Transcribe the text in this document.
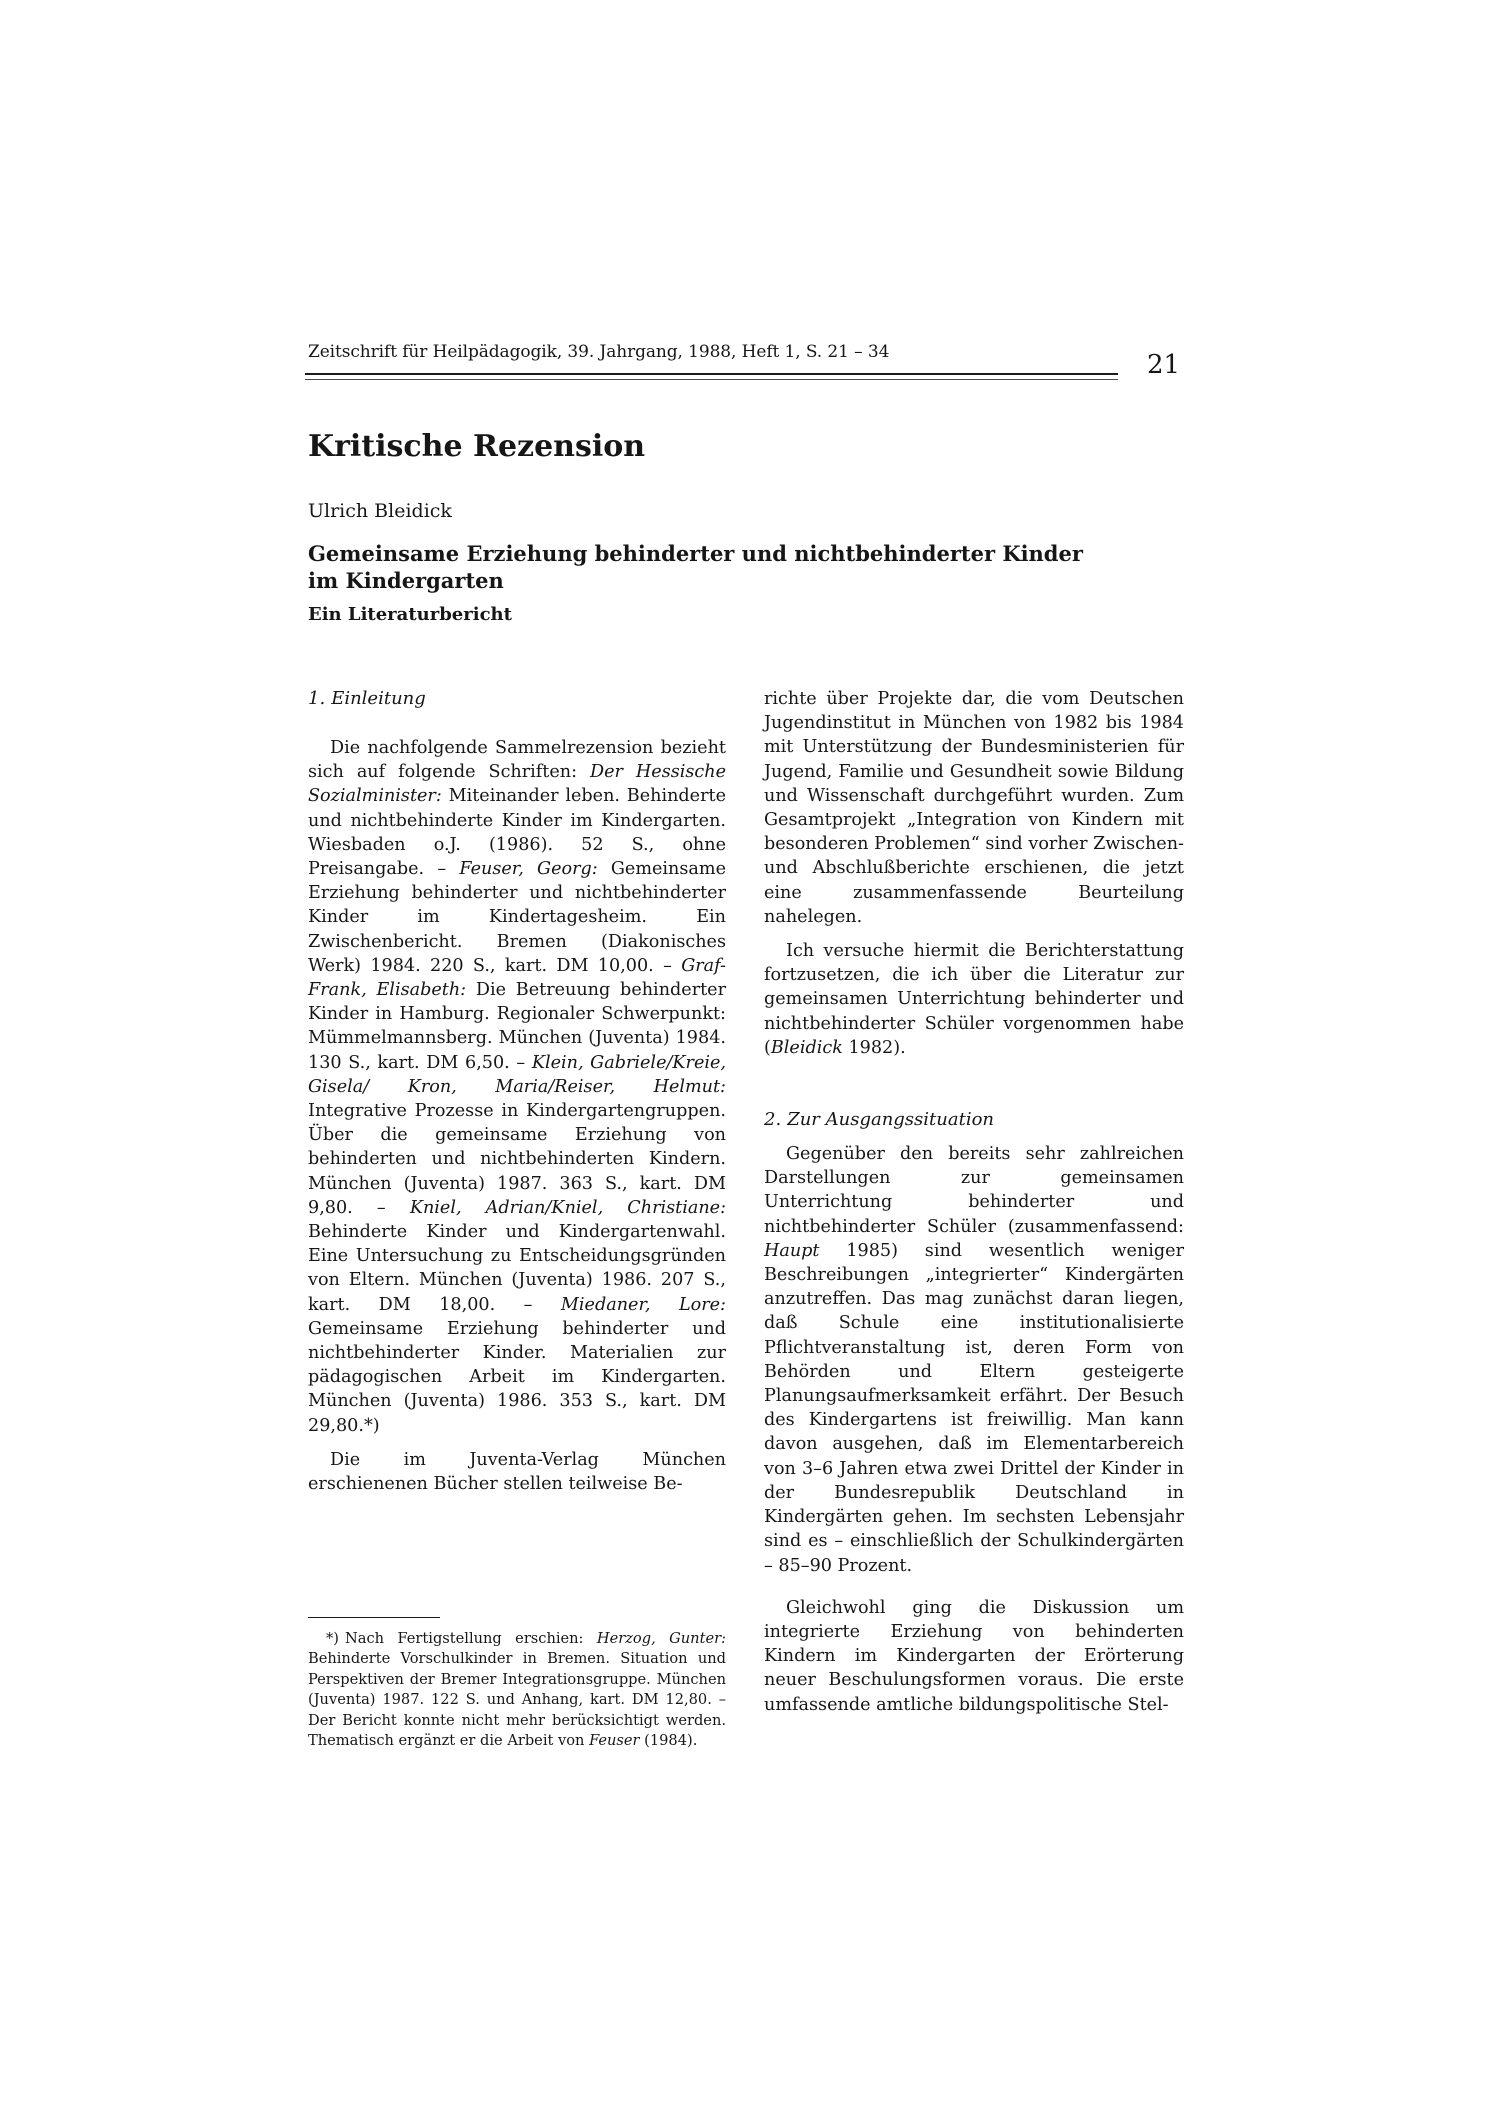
Zeitschrift für Heilpädagogik, 39. Jahrgang, 1988, Heft 1, S. 21 – 34	21
Kritische Rezension
Ulrich Bleidick
Gemeinsame Erziehung behinderter und nichtbehinderter Kinder
im Kindergarten
Ein Literaturbericht
1. Einleitung

Die nachfolgende Sammelrezension bezieht sich auf folgende Schriften: Der Hessische Sozialminister: Miteinander leben. Behinderte und nichtbehinderte Kinder im Kindergarten. Wiesbaden o.J. (1986). 52 S., ohne Preisangabe. – Feuser, Georg: Gemeinsame Erziehung behinderter und nichtbehinderter Kinder im Kindertagesheim. Ein Zwischenbericht. Bremen (Diakonisches Werk) 1984. 220 S., kart. DM 10,00. – Graf-Frank, Elisabeth: Die Betreuung behinderter Kinder in Hamburg. Regionaler Schwerpunkt: Mümmelmannsberg. München (Juventa) 1984. 130 S., kart. DM 6,50. – Klein, Gabriele/Kreie, Gisela/ Kron, Maria/Reiser, Helmut: Integrative Prozesse in Kindergartengruppen. Über die gemeinsame Erziehung von behinderten und nichtbehinderten Kindern. München (Juventa) 1987. 363 S., kart. DM 9,80. – Kniel, Adrian/Kniel, Christiane: Behinderte Kinder und Kindergartenwahl. Eine Untersuchung zu Entscheidungsgründen von Eltern. München (Juventa) 1986. 207 S., kart. DM 18,00. – Miedaner, Lore: Gemeinsame Erziehung behinderter und nichtbehinderter Kinder. Materialien zur pädagogischen Arbeit im Kindergarten. München (Juventa) 1986. 353 S., kart. DM 29,80.*)

Die im Juventa-Verlag München erschienenen Bücher stellen teilweise Be-

*) Nach Fertigstellung erschien: Herzog, Gunter: Behinderte Vorschulkinder in Bremen. Situation und Perspektiven der Bremer Integrationsgruppe. München (Juventa) 1987. 122 S. und Anhang, kart. DM 12,80. – Der Bericht konnte nicht mehr berücksichtigt werden. Thematisch ergänzt er die Arbeit von Feuser (1984).

richte über Projekte dar, die vom Deutschen Jugendinstitut in München von 1982 bis 1984 mit Unterstützung der Bundesministerien für Jugend, Familie und Gesundheit sowie Bildung und Wissenschaft durchgeführt wurden. Zum Gesamtprojekt „Integration von Kindern mit besonderen Problemen“ sind vorher Zwischen- und Abschlußberichte erschienen, die jetzt eine zusammenfassende Beurteilung nahelegen.

Ich versuche hiermit die Berichterstattung fortzusetzen, die ich über die Literatur zur gemeinsamen Unterrichtung behinderter und nichtbehinderter Schüler vorgenommen habe (Bleidick 1982).

2. Zur Ausgangssituation

Gegenüber den bereits sehr zahlreichen Darstellungen zur gemeinsamen Unterrichtung behinderter und nichtbehinderter Schüler (zusammenfassend: Haupt 1985) sind wesentlich weniger Beschreibungen „integrierter“ Kindergärten anzutreffen. Das mag zunächst daran liegen, daß Schule eine institutionalisierte Pflichtveranstaltung ist, deren Form von Behörden und Eltern gesteigerte Planungsaufmerksamkeit erfährt. Der Besuch des Kindergartens ist freiwillig. Man kann davon ausgehen, daß im Elementarbereich von 3–6 Jahren etwa zwei Drittel der Kinder in der Bundesrepublik Deutschland in Kindergärten gehen. Im sechsten Lebensjahr sind es – einschließlich der Schulkindergärten – 85–90 Prozent.

Gleichwohl ging die Diskussion um integrierte Erziehung von behinderten Kindern im Kindergarten der Erörterung neuer Beschulungsformen voraus. Die erste umfassende amtliche bildungspolitische Stel-
